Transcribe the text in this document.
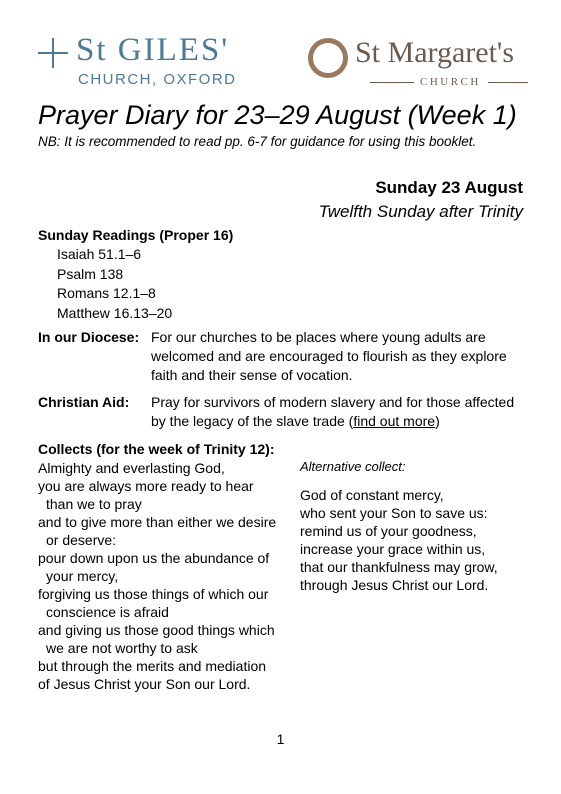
St GILES'
CHURCH, OXFORD
St Margaret's
CHURCH
Prayer Diary for 23–29 August (Week 1)
NB: It is recommended to read pp. 6-7 for guidance for using this booklet.
Sunday 23 August
Twelfth Sunday after Trinity
Sunday Readings (Proper 16)
Isaiah 51.1–6
Psalm 138
Romans 12.1–8
Matthew 16.13–20
In our Diocese: For our churches to be places where young adults are welcomed and are encouraged to flourish as they explore faith and their sense of vocation.
Christian Aid: Pray for survivors of modern slavery and for those affected by the legacy of the slave trade (find out more)
Collects (for the week of Trinity 12):
Almighty and everlasting God,
you are always more ready to hear
than we to pray
and to give more than either we desire
or deserve:
pour down upon us the abundance of
your mercy,
forgiving us those things of which our
conscience is afraid
and giving us those good things which
we are not worthy to ask
but through the merits and mediation
of Jesus Christ your Son our Lord.
Alternative collect:
God of constant mercy,
who sent your Son to save us:
remind us of your goodness,
increase your grace within us,
that our thankfulness may grow,
through Jesus Christ our Lord.
1
